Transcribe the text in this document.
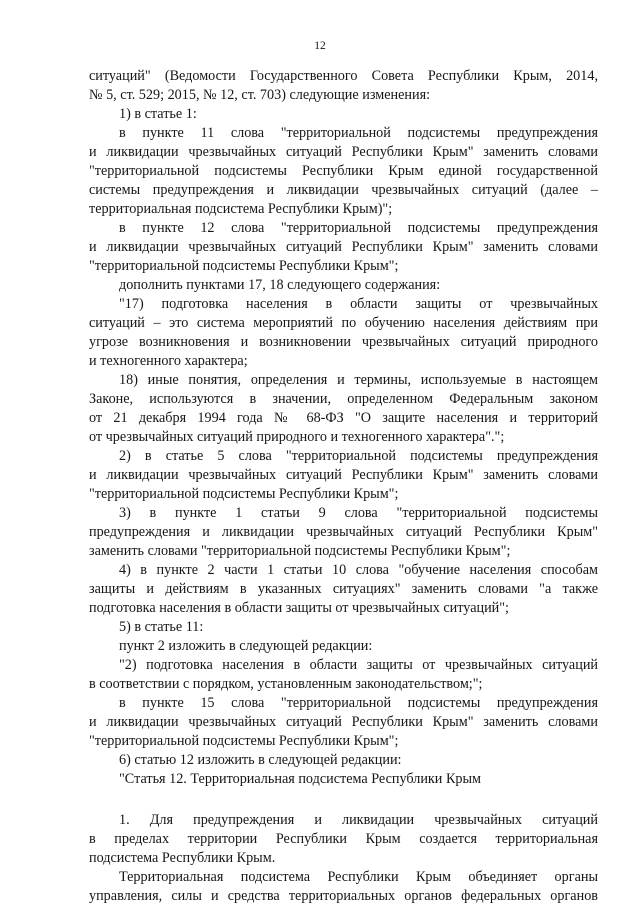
12
ситуаций" (Ведомости Государственного Совета Республики Крым, 2014,
№ 5, ст. 529; 2015, № 12, ст. 703) следующие изменения:
1) в статье 1:
в пункте 11 слова "территориальной подсистемы предупреждения
и ликвидации чрезвычайных ситуаций Республики Крым" заменить словами
"территориальной подсистемы Республики Крым единой государственной
системы предупреждения и ликвидации чрезвычайных ситуаций (далее –
территориальная подсистема Республики Крым)";
в пункте 12 слова "территориальной подсистемы предупреждения
и ликвидации чрезвычайных ситуаций Республики Крым" заменить словами
"территориальной подсистемы Республики Крым";
дополнить пунктами 17, 18 следующего содержания:
"17) подготовка населения в области защиты от чрезвычайных
ситуаций – это система мероприятий по обучению населения действиям при
угрозе возникновения и возникновении чрезвычайных ситуаций природного
и техногенного характера;
18) иные понятия, определения и термины, используемые в настоящем
Законе, используются в значении, определенном Федеральным законом
от 21 декабря 1994 года № 68-ФЗ "О защите населения и территорий
от чрезвычайных ситуаций природного и техногенного характера".";
2) в статье 5 слова "территориальной подсистемы предупреждения
и ликвидации чрезвычайных ситуаций Республики Крым" заменить словами
"территориальной подсистемы Республики Крым";
3) в пункте 1 статьи 9 слова "территориальной подсистемы
предупреждения и ликвидации чрезвычайных ситуаций Республики Крым"
заменить словами "территориальной подсистемы Республики Крым";
4) в пункте 2 части 1 статьи 10 слова "обучение населения способам
защиты и действиям в указанных ситуациях" заменить словами "а также
подготовка населения в области защиты от чрезвычайных ситуаций";
5) в статье 11:
пункт 2 изложить в следующей редакции:
"2) подготовка населения в области защиты от чрезвычайных ситуаций
в соответствии с порядком, установленным законодательством;";
в пункте 15 слова "территориальной подсистемы предупреждения
и ликвидации чрезвычайных ситуаций Республики Крым" заменить словами
"территориальной подсистемы Республики Крым";
6) статью 12 изложить в следующей редакции:
"Статья 12. Территориальная подсистема Республики Крым
1. Для предупреждения и ликвидации чрезвычайных ситуаций
в пределах территории Республики Крым создается территориальная
подсистема Республики Крым.
Территориальная подсистема Республики Крым объединяет органы
управления, силы и средства территориальных органов федеральных органов
